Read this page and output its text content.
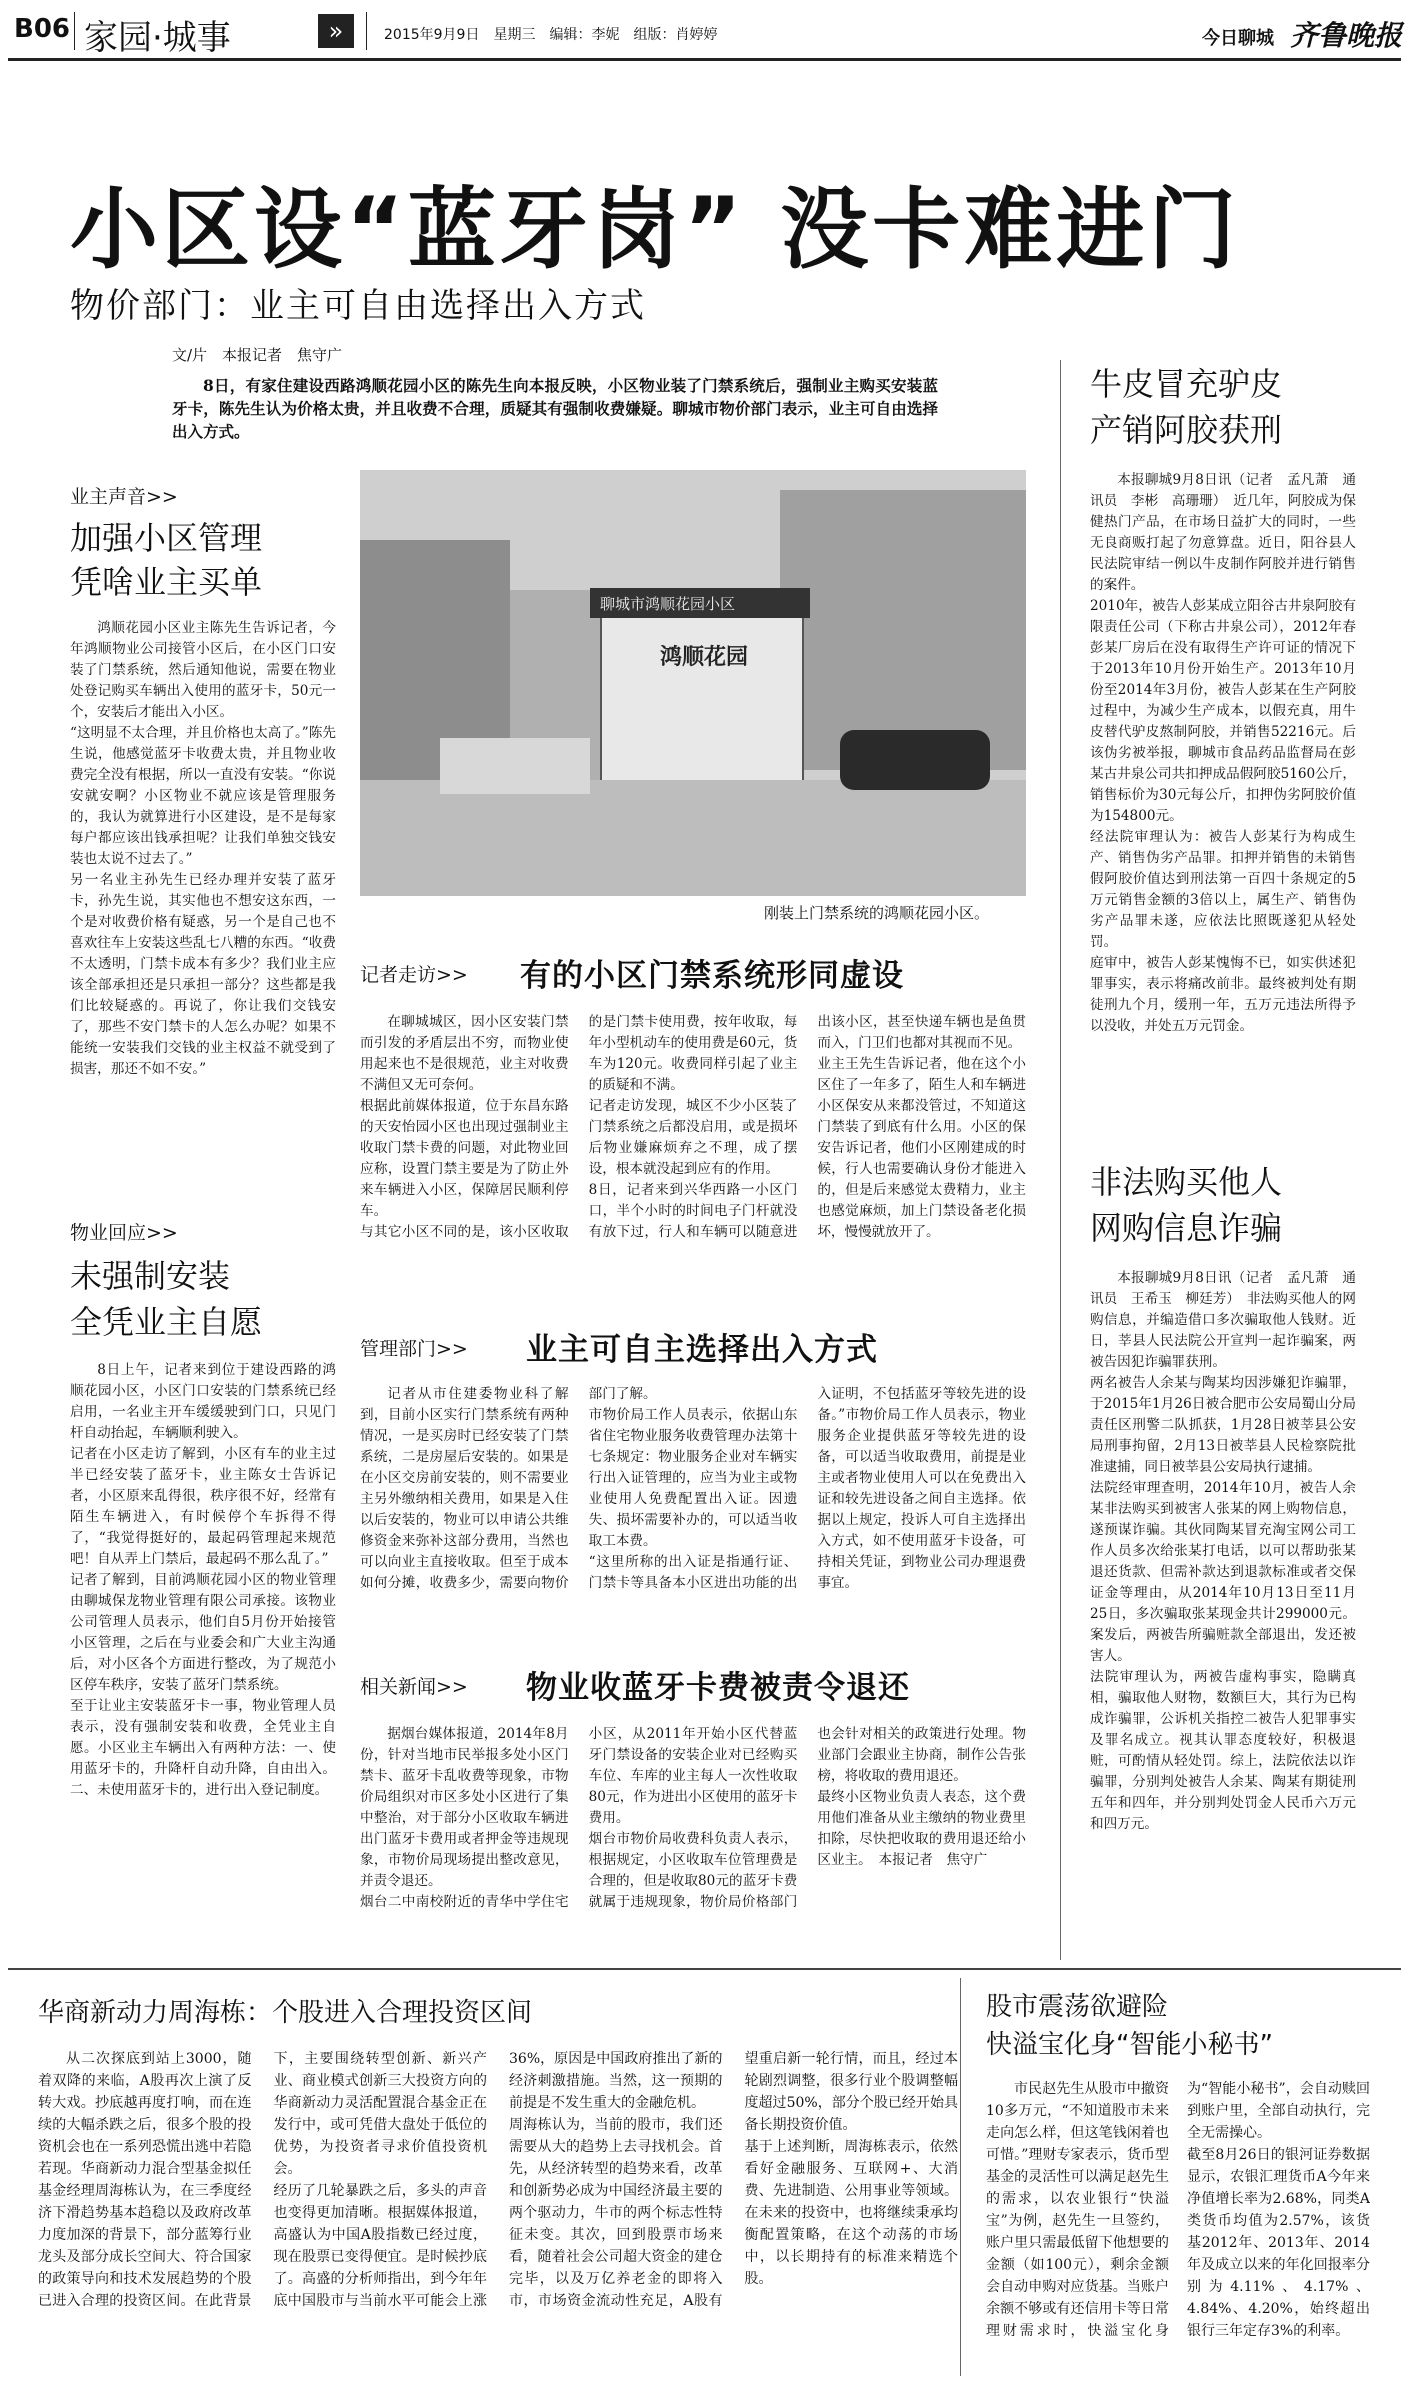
B06 家园·城事	»	2015年9月9日　星期三　编辑：李妮　组版：肖婷婷	今日聊城 齐鲁晚报
小区设“蓝牙岗” 没卡难进门
物价部门：业主可自由选择出入方式
文/片　本报记者　焦守广
8日，有家住建设西路鸿顺花园小区的陈先生向本报反映，小区物业装了门禁系统后，强制业主购买安装蓝牙卡，陈先生认为价格太贵，并且收费不合理，质疑其有强制收费嫌疑。聊城市物价部门表示，业主可自由选择出入方式。
业主声音>>
加强小区管理
凭啥业主买单
鸿顺花园小区业主陈先生告诉记者，今年鸿顺物业公司接管小区后，在小区门口安装了门禁系统，然后通知他说，需要在物业处登记购买车辆出入使用的蓝牙卡，50元一个，安装后才能出入小区。
“这明显不太合理，并且价格也太高了。”陈先生说，他感觉蓝牙卡收费太贵，并且物业收费完全没有根据，所以一直没有安装。“你说安就安啊？小区物业不就应该是管理服务的，我认为就算进行小区建设，是不是每家每户都应该出钱承担呢？让我们单独交钱安装也太说不过去了。”
另一名业主孙先生已经办理并安装了蓝牙卡，孙先生说，其实他也不想安这东西，一个是对收费价格有疑惑，另一个是自己也不喜欢往车上安装这些乱七八糟的东西。“收费不太透明，门禁卡成本有多少？我们业主应该全部承担还是只承担一部分？这些都是我们比较疑惑的。再说了，你让我们交钱安了，那些不安门禁卡的人怎么办呢？如果不能统一安装我们交钱的业主权益不就受到了损害，那还不如不安。”
物业回应>>
未强制安装
全凭业主自愿
8日上午，记者来到位于建设西路的鸿顺花园小区，小区门口安装的门禁系统已经启用，一名业主开车缓缓驶到门口，只见门杆自动抬起，车辆顺利驶入。
记者在小区走访了解到，小区有车的业主过半已经安装了蓝牙卡，业主陈女士告诉记者，小区原来乱得很，秩序很不好，经常有陌生车辆进入，有时候停个车拆得不得了，“我觉得挺好的，最起码管理起来规范吧！自从弄上门禁后，最起码不那么乱了。”
记者了解到，目前鸿顺花园小区的物业管理由聊城保龙物业管理有限公司承接。该物业公司管理人员表示，他们自5月份开始接管小区管理，之后在与业委会和广大业主沟通后，对小区各个方面进行整改，为了规范小区停车秩序，安装了蓝牙门禁系统。
至于让业主安装蓝牙卡一事，物业管理人员表示，没有强制安装和收费，全凭业主自愿。小区业主车辆出入有两种方法：一、使用蓝牙卡的，升降杆自动升降，自由出入。二、未使用蓝牙卡的，进行出入登记制度。
聊城市鸿顺花园小区
鸿顺花园
刚装上门禁系统的鸿顺花园小区。
记者走访>> 有的小区门禁系统形同虚设
在聊城城区，因小区安装门禁而引发的矛盾层出不穷，而物业使用起来也不是很规范，业主对收费不满但又无可奈何。
根据此前媒体报道，位于东昌东路的天安怡园小区也出现过强制业主收取门禁卡费的问题，对此物业回应称，设置门禁主要是为了防止外来车辆进入小区，保障居民顺利停车。
与其它小区不同的是，该小区收取的是门禁卡使用费，按年收取，每年小型机动车的使用费是60元，货车为120元。收费同样引起了业主的质疑和不满。
记者走访发现，城区不少小区装了门禁系统之后都没启用，或是损坏后物业嫌麻烦弃之不理，成了摆设，根本就没起到应有的作用。
8日，记者来到兴华西路一小区门口，半个小时的时间电子门杆就没有放下过，行人和车辆可以随意进出该小区，甚至快递车辆也是鱼贯而入，门卫们也都对其视而不见。
业主王先生告诉记者，他在这个小区住了一年多了，陌生人和车辆进小区保安从来都没管过，不知道这门禁装了到底有什么用。小区的保安告诉记者，他们小区刚建成的时候，行人也需要确认身份才能进入的，但是后来感觉太费精力，业主也感觉麻烦，加上门禁设备老化损坏，慢慢就放开了。
管理部门>> 业主可自主选择出入方式
记者从市住建委物业科了解到，目前小区实行门禁系统有两种情况，一是买房时已经安装了门禁系统，二是房屋后安装的。如果是在小区交房前安装的，则不需要业主另外缴纳相关费用，如果是入住以后安装的，物业可以申请公共维修资金来弥补这部分费用，当然也可以向业主直接收取。但至于成本如何分摊，收费多少，需要向物价部门了解。
市物价局工作人员表示，依据山东省住宅物业服务收费管理办法第十七条规定：物业服务企业对车辆实行出入证管理的，应当为业主或物业使用人免费配置出入证。因遗失、损坏需要补办的，可以适当收取工本费。
“这里所称的出入证是指通行证、门禁卡等具备本小区进出功能的出入证明，不包括蓝牙等较先进的设备。”市物价局工作人员表示，物业服务企业提供蓝牙等较先进的设备，可以适当收取费用，前提是业主或者物业使用人可以在免费出入证和较先进设备之间自主选择。依据以上规定，投诉人可自主选择出入方式，如不使用蓝牙卡设备，可持相关凭证，到物业公司办理退费事宜。
相关新闻>> 物业收蓝牙卡费被责令退还
据烟台媒体报道，2014年8月份，针对当地市民举报多处小区门禁卡、蓝牙卡乱收费等现象，市物价局组织对市区多处小区进行了集中整治，对于部分小区收取车辆进出门蓝牙卡费用或者押金等违规现象，市物价局现场提出整改意见，并责令退还。
烟台二中南校附近的青华中学住宅小区，从2011年开始小区代替蓝牙门禁设备的安装企业对已经购买车位、车库的业主每人一次性收取80元，作为进出小区使用的蓝牙卡费用。
烟台市物价局收费科负责人表示，根据规定，小区收取车位管理费是合理的，但是收取80元的蓝牙卡费就属于违规现象，物价局价格部门也会针对相关的政策进行处理。物业部门会跟业主协商，制作公告张榜，将收取的费用退还。
最终小区物业负责人表态，这个费用他们准备从业主缴纳的物业费里扣除，尽快把收取的费用退还给小区业主。　本报记者　焦守广
牛皮冒充驴皮
产销阿胶获刑
本报聊城9月8日讯（记者　孟凡萧　通讯员　李彬　高珊珊）　近几年，阿胶成为保健热门产品，在市场日益扩大的同时，一些无良商贩打起了勿意算盘。近日，阳谷县人民法院审结一例以牛皮制作阿胶并进行销售的案件。
2010年，被告人彭某成立阳谷古井泉阿胶有限责任公司（下称古井泉公司），2012年春彭某厂房后在没有取得生产许可证的情况下于2013年10月份开始生产。2013年10月份至2014年3月份，被告人彭某在生产阿胶过程中，为减少生产成本，以假充真，用牛皮替代驴皮熬制阿胶，并销售52216元。后该伪劣被举报，聊城市食品药品监督局在彭某古井泉公司共扣押成品假阿胶5160公斤，销售标价为30元每公斤，扣押伪劣阿胶价值为154800元。
经法院审理认为：被告人彭某行为构成生产、销售伪劣产品罪。扣押并销售的未销售假阿胶价值达到刑法第一百四十条规定的5万元销售金额的3倍以上，属生产、销售伪劣产品罪未遂，应依法比照既遂犯从轻处罚。
庭审中，被告人彭某愧悔不已，如实供述犯罪事实，表示将痛改前非。最终被判处有期徒刑九个月，缓刑一年，五万元违法所得予以没收，并处五万元罚金。
非法购买他人
网购信息诈骗
本报聊城9月8日讯（记者　孟凡萧　通讯员　王希玉　柳廷芳）　非法购买他人的网购信息，并编造借口多次骗取他人钱财。近日，莘县人民法院公开宣判一起诈骗案，两被告因犯诈骗罪获刑。
两名被告人余某与陶某均因涉嫌犯诈骗罪，于2015年1月26日被合肥市公安局蜀山分局责任区刑警二队抓获，1月28日被莘县公安局刑事拘留，2月13日被莘县人民检察院批准逮捕，同日被莘县公安局执行逮捕。
法院经审理查明，2014年10月，被告人余某非法购买到被害人张某的网上购物信息，遂预谋诈骗。其伙同陶某冒充淘宝网公司工作人员多次给张某打电话，以可以帮助张某退还货款、但需补款达到退款标准或者交保证金等理由，从2014年10月13日至11月25日，多次骗取张某现金共计299000元。案发后，两被告所骗赃款全部退出，发还被害人。
法院审理认为，两被告虚构事实，隐瞒真相，骗取他人财物，数额巨大，其行为已构成诈骗罪，公诉机关指控二被告人犯罪事实及罪名成立。视其认罪态度较好，积极退赃，可酌情从轻处罚。综上，法院依法以诈骗罪，分别判处被告人余某、陶某有期徒刑五年和四年，并分别判处罚金人民币六万元和四万元。
华商新动力周海栋：个股进入合理投资区间
从二次探底到站上3000，随着双降的来临，A股再次上演了反转大戏。抄底越再度打响，而在连续的大幅杀跌之后，很多个股的投资机会也在一系列恐慌出逃中若隐若现。华商新动力混合型基金拟任基金经理周海栋认为，在三季度经济下滑趋势基本趋稳以及政府改革力度加深的背景下，部分蓝筹行业龙头及部分成长空间大、符合国家的政策导向和技术发展趋势的个股已进入合理的投资区间。在此背景下，主要围绕转型创新、新兴产业、商业模式创新三大投资方向的华商新动力灵活配置混合基金正在发行中，或可凭借大盘处于低位的优势，为投资者寻求价值投资机会。
经历了几轮暴跌之后，多头的声音也变得更加清晰。根据媒体报道，高盛认为中国A股指数已经过度，现在股票已变得便宜。是时候抄底了。高盛的分析师指出，到今年年底中国股市与当前水平可能会上涨36%，原因是中国政府推出了新的经济刺激措施。当然，这一预期的前提是不发生重大的金融危机。
周海栋认为，当前的股市，我们还需要从大的趋势上去寻找机会。首先，从经济转型的趋势来看，改革和创新势必成为中国经济最主要的两个驱动力，牛市的两个标志性特征未变。其次，回到股票市场来看，随着社会公司超大资金的建仓完毕，以及万亿养老金的即将入市，市场资金流动性充足，A股有望重启新一轮行情，而且，经过本轮剧烈调整，很多行业个股调整幅度超过50%，部分个股已经开始具备长期投资价值。
基于上述判断，周海栋表示，依然看好金融服务、互联网+、大消费、先进制造、公用事业等领域。在未来的投资中，也将继续秉承均衡配置策略，在这个动荡的市场中，以长期持有的标准来精选个股。
股市震荡欲避险
快溢宝化身“智能小秘书”
市民赵先生从股市中撤资10多万元，“不知道股市未来走向怎么样，但这笔钱闲着也可惜。”理财专家表示，货币型基金的灵活性可以满足赵先生的需求，以农业银行“快溢宝”为例，赵先生一旦签约，账户里只需最低留下他想要的金额（如100元），剩余金额会自动申购对应货基。当账户余额不够或有还信用卡等日常理财需求时，快溢宝化身为“智能小秘书”，会自动赎回到账户里，全部自动执行，完全无需操心。
截至8月26日的银河证券数据显示，农银汇理货币A今年来净值增长率为2.68%，同类A类货币均值为2.57%，该货基2012年、2013年、2014年及成立以来的年化回报率分别为4.11%、4.17%、4.84%、4.20%，始终超出银行三年定存3%的利率。
